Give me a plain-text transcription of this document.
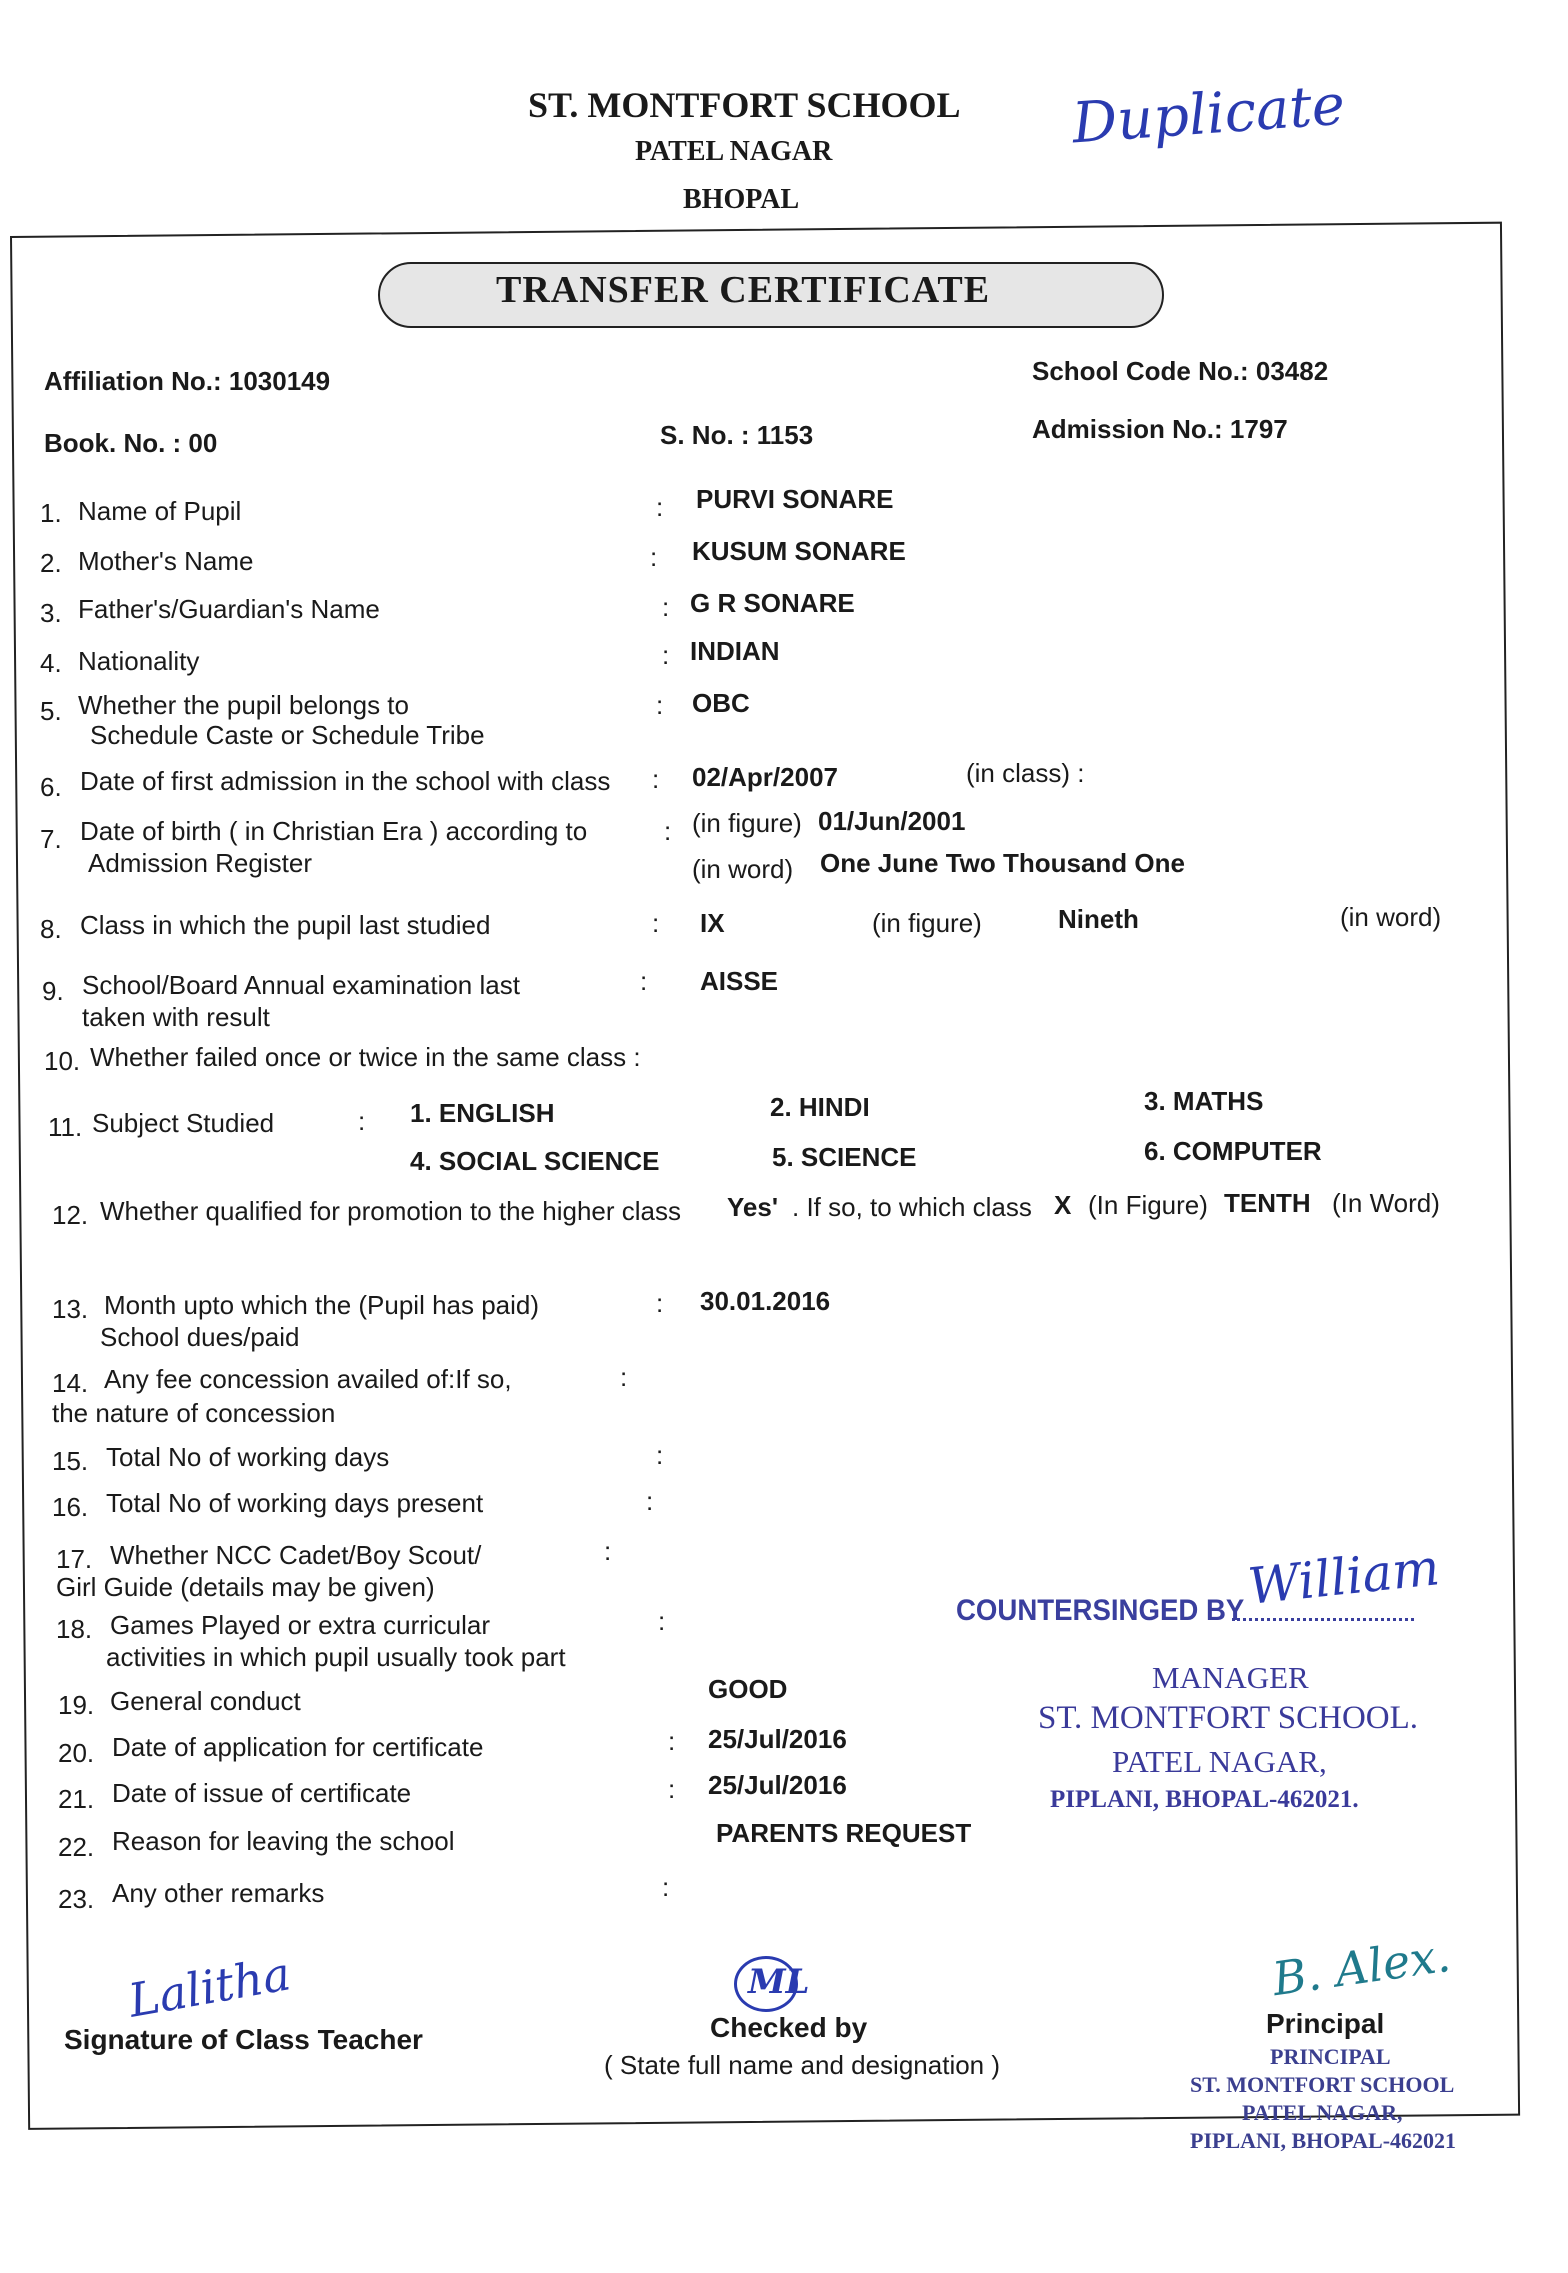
ST. MONTFORT SCHOOL
PATEL NAGAR
BHOPAL
Duplicate
TRANSFER CERTIFICATE
Affiliation No.: 1030149	School Code No.: 03482
Book. No. : 00	S. No. : 1153	Admission No.: 1797
1. Name of Pupil	: PURVI SONARE
2. Mother's Name	: KUSUM SONARE
3. Father's/Guardian's Name	: G R SONARE
4. Nationality	: INDIAN
5. Whether the pupil belongs to
Schedule Caste or Schedule Tribe
: OBC
6. Date of first admission in the school with class : 02/Apr/2007	(in class) :
7. Date of birth ( in Christian Era ) according to
Admission Register
: (in figure) 01/Jun/2001
(in word) One June Two Thousand One
8. Class in which the pupil last studied	: IX	(in figure)	Nineth	(in word)
9. School/Board Annual examination last
taken with result
: AISSE
10. Whether failed once or twice in the same class :
11. Subject Studied	: 1. ENGLISH	2. HINDI	3. MATHS
4. SOCIAL SCIENCE	5. SCIENCE	6. COMPUTER
12. Whether qualified for promotion to the higher class Yes' . If so, to which class X (In Figure) TENTH (In Word)
13. Month upto which the (Pupil has paid)
School dues/paid
: 30.01.2016
14. Any fee concession availed of:If so,
the nature of concession
:
15. Total No of working days	:
16. Total No of working days present	:
17. Whether NCC Cadet/Boy Scout/
Girl Guide (details may be given)
:
18. Games Played or extra curricular
activities in which pupil usually took part
:
19. General conduct	GOOD
20. Date of application for certificate	: 25/Jul/2016
21. Date of issue of certificate	: 25/Jul/2016
22. Reason for leaving the school	PARENTS REQUEST
23. Any other remarks	:
COUNTERSINGED BY William
MANAGER
ST. MONTFORT SCHOOL.
PATEL NAGAR,
PIPLANI, BHOPAL-462021.
Lalitha
Signature of Class Teacher
ML
Checked by
( State full name and designation )
B. Alex.
Principal
PRINCIPAL
ST. MONTFORT SCHOOL
PATEL NAGAR,
PIPLANI, BHOPAL-462021
